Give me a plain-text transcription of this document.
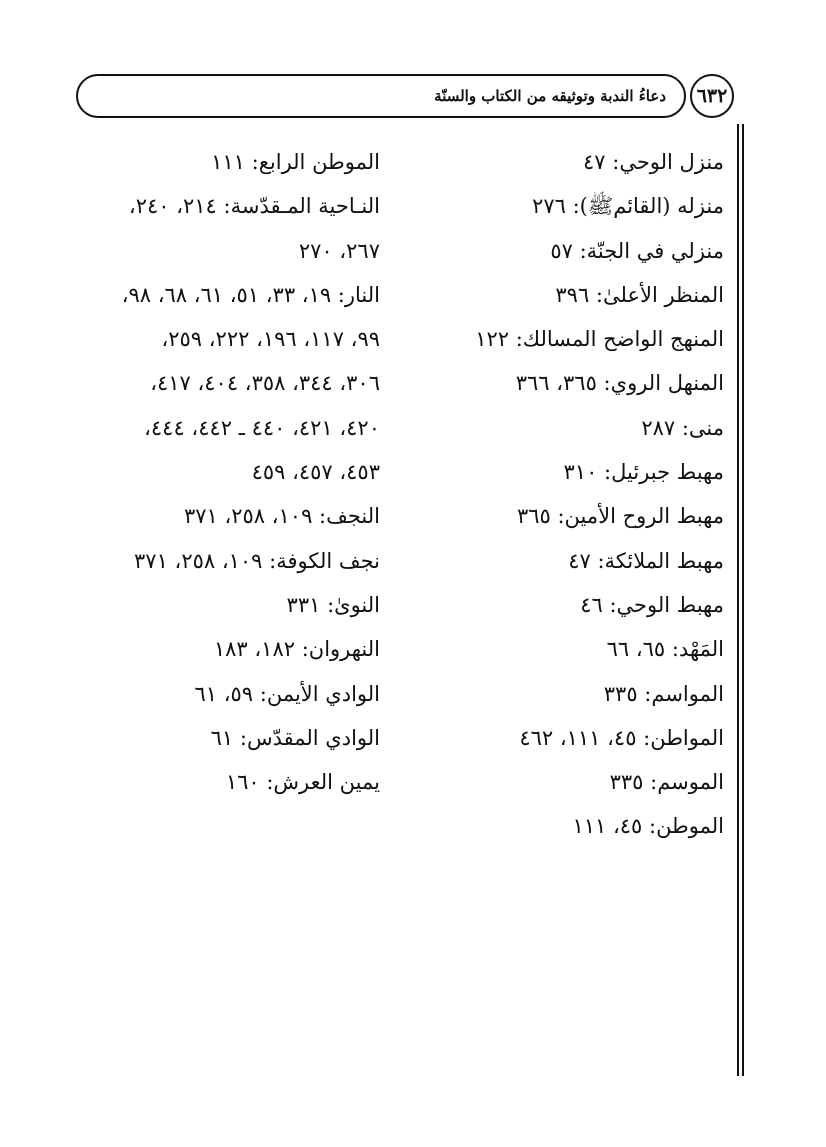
٦٣٢
دعاءُ الندبة وتوثيقه من الكتاب والسنّة
منزل الوحي: ٤٧
منزله (القائمﷺ): ٢٧٦
منزلي في الجنّة: ٥٧
المنظر الأعلىٰ: ٣٩٦
المنهج الواضح المسالك: ١٢٢
المنهل الروي: ٣٦٥، ٣٦٦
منى: ٢٨٧
مهبط جبرئيل: ٣١٠
مهبط الروح الأمين: ٣٦٥
مهبط الملائكة: ٤٧
مهبط الوحي: ٤٦
المَهْد: ٦٥، ٦٦
المواسم: ٣٣٥
المواطن: ٤٥، ١١١، ٤٦٢
الموسم: ٣٣٥
الموطن: ٤٥، ١١١
الموطن الرابع: ١١١
النـاحية المـقدّسة: ٢١٤، ٢٤٠،
٢٦٧، ٢٧٠
النار: ١٩، ٣٣، ٥١، ٦١، ٦٨، ٩٨،
٩٩، ١١٧، ١٩٦، ٢٢٢، ٢٥٩،
٣٠٦، ٣٤٤، ٣٥٨، ٤٠٤، ٤١٧،
٤٢٠، ٤٢١، ٤٤٠ ـ ٤٤٢، ٤٤٤،
٤٥٣، ٤٥٧، ٤٥٩
النجف: ١٠٩، ٢٥٨، ٣٧١
نجف الكوفة: ١٠٩، ٢٥٨، ٣٧١
النوىٰ: ٣٣١
النهروان: ١٨٢، ١٨٣
الوادي الأيمن: ٥٩، ٦١
الوادي المقدّس: ٦١
يمين العرش: ١٦٠
